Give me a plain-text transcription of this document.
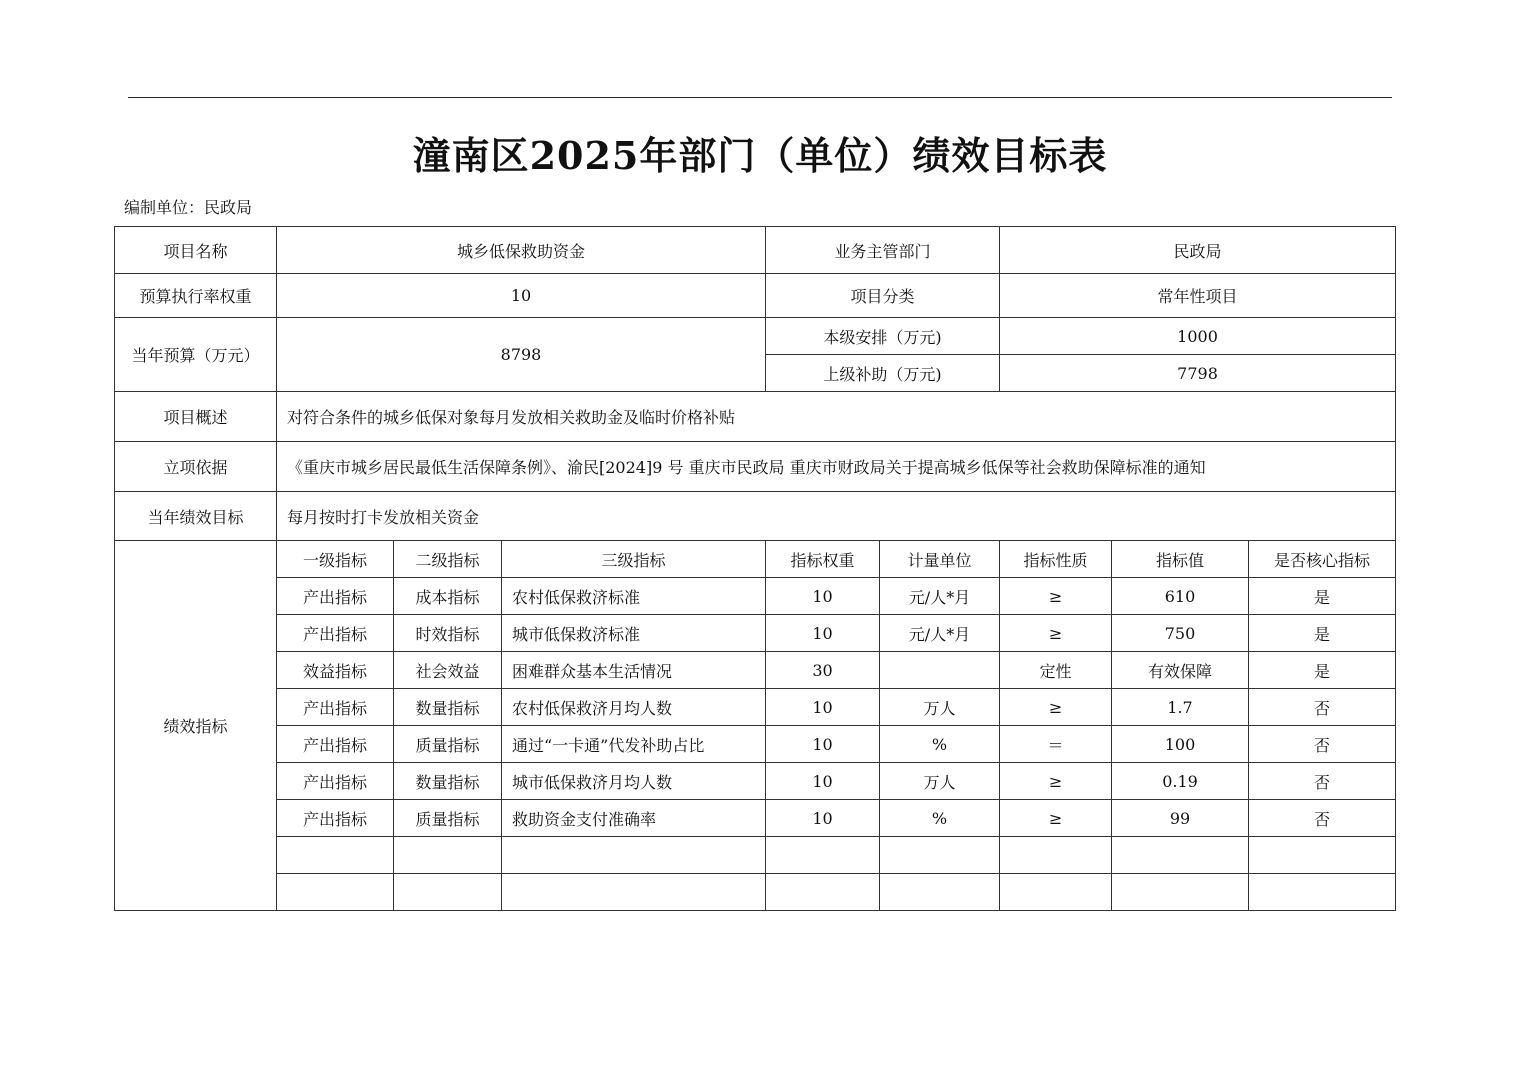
潼南区2025年部门（单位）绩效目标表
编制单位：民政局
项目名称	城乡低保救助资金			业务主管部门		民政局		
预算执行率权重	10			项目分类		常年性项目		
当年预算（万元）	8798			本级安排（万元)		1000		
				上级补助（万元)		7798		
项目概述	对符合条件的城乡低保对象每月发放相关救助金及临时价格补贴							
立项依据	《重庆市城乡居民最低生活保障条例》、渝民[2024]9 号 重庆市民政局 重庆市财政局关于提高城乡低保等社会救助保障标准的通知							
当年绩效目标	每月按时打卡发放相关资金							
绩效指标	一级指标	二级指标	三级指标	指标权重	计量单位	指标性质	指标值	是否核心指标
	产出指标	成本指标	农村低保救济标准	10	元/人*月	≥	610	是
	产出指标	时效指标	城市低保救济标准	10	元/人*月	≥	750	是
	效益指标	社会效益	困难群众基本生活情况	30		定性	有效保障	是
	产出指标	数量指标	农村低保救济月均人数	10	万人	≥	1.7	否
	产出指标	质量指标	通过“一卡通”代发补助占比	10	%	＝	100	否
	产出指标	数量指标	城市低保救济月均人数	10	万人	≥	0.19	否
	产出指标	质量指标	救助资金支付准确率	10	%	≥	99	否
